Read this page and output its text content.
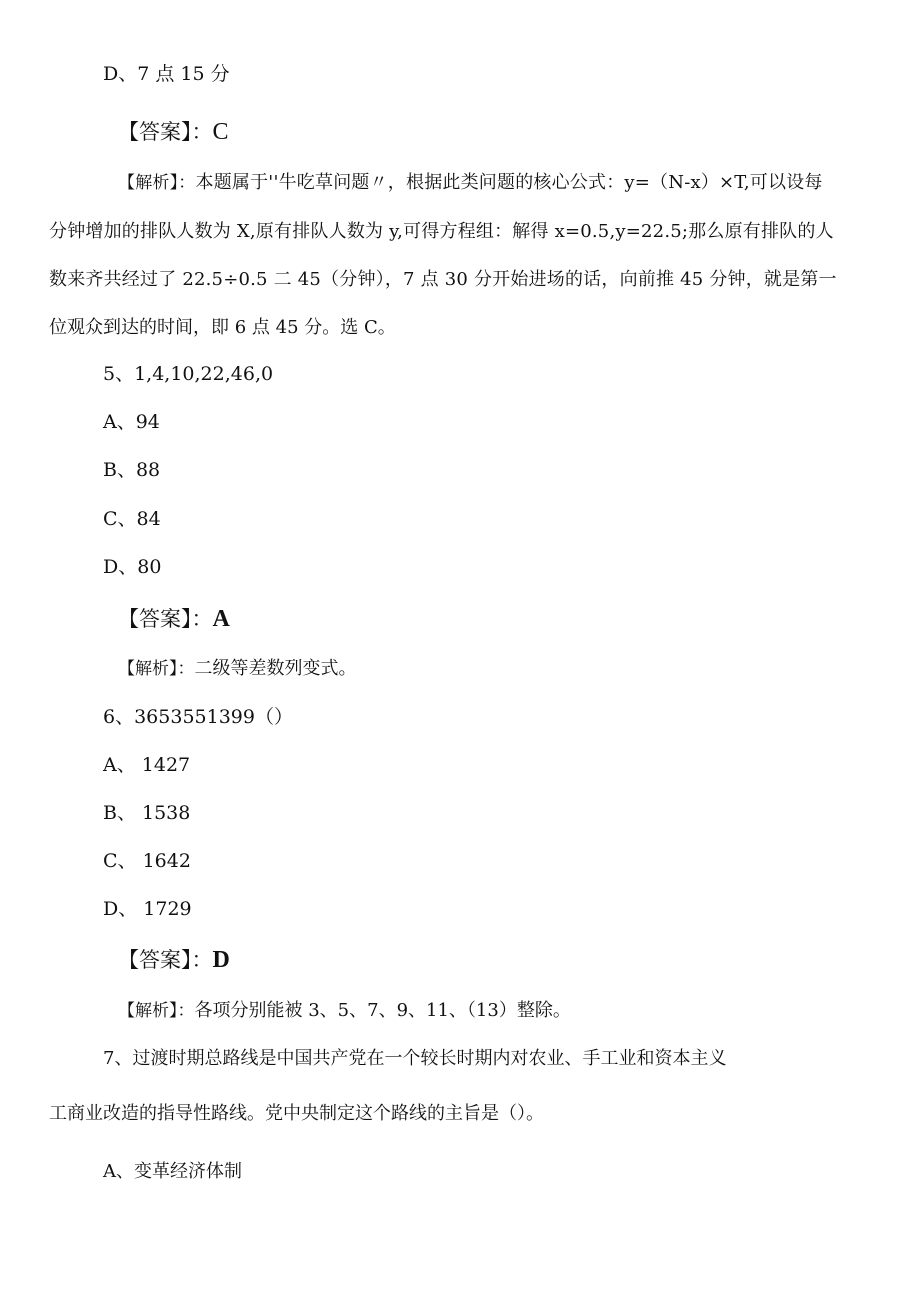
D、7 点 15 分
【答案】：C
【解析】：本题属于''牛吃草问题〃，根据此类问题的核心公式：y=（N-x）×T,可以设每
分钟增加的排队人数为 X,原有排队人数为 y,可得方程组：解得 x=0.5,y=22.5;那么原有排队的人
数来齐共经过了 22.5÷0.5 二 45（分钟），7 点 30 分开始进场的话，向前推 45 分钟，就是第一
位观众到达的时间，即 6 点 45 分。选 C。
5、1,4,10,22,46,0
A、94
B、88
C、84
D、80
【答案】：A
【解析】：二级等差数列变式。
6、3653551399（）
A、 1427
B、 1538
C、 1642
D、 1729
【答案】：D
【解析】：各项分别能被 3、5、7、9、11、（13）整除。
7、过渡时期总路线是中国共产党在一个较长时期内对农业、手工业和资本主义
工商业改造的指导性路线。党中央制定这个路线的主旨是（）。
A、变革经济体制
